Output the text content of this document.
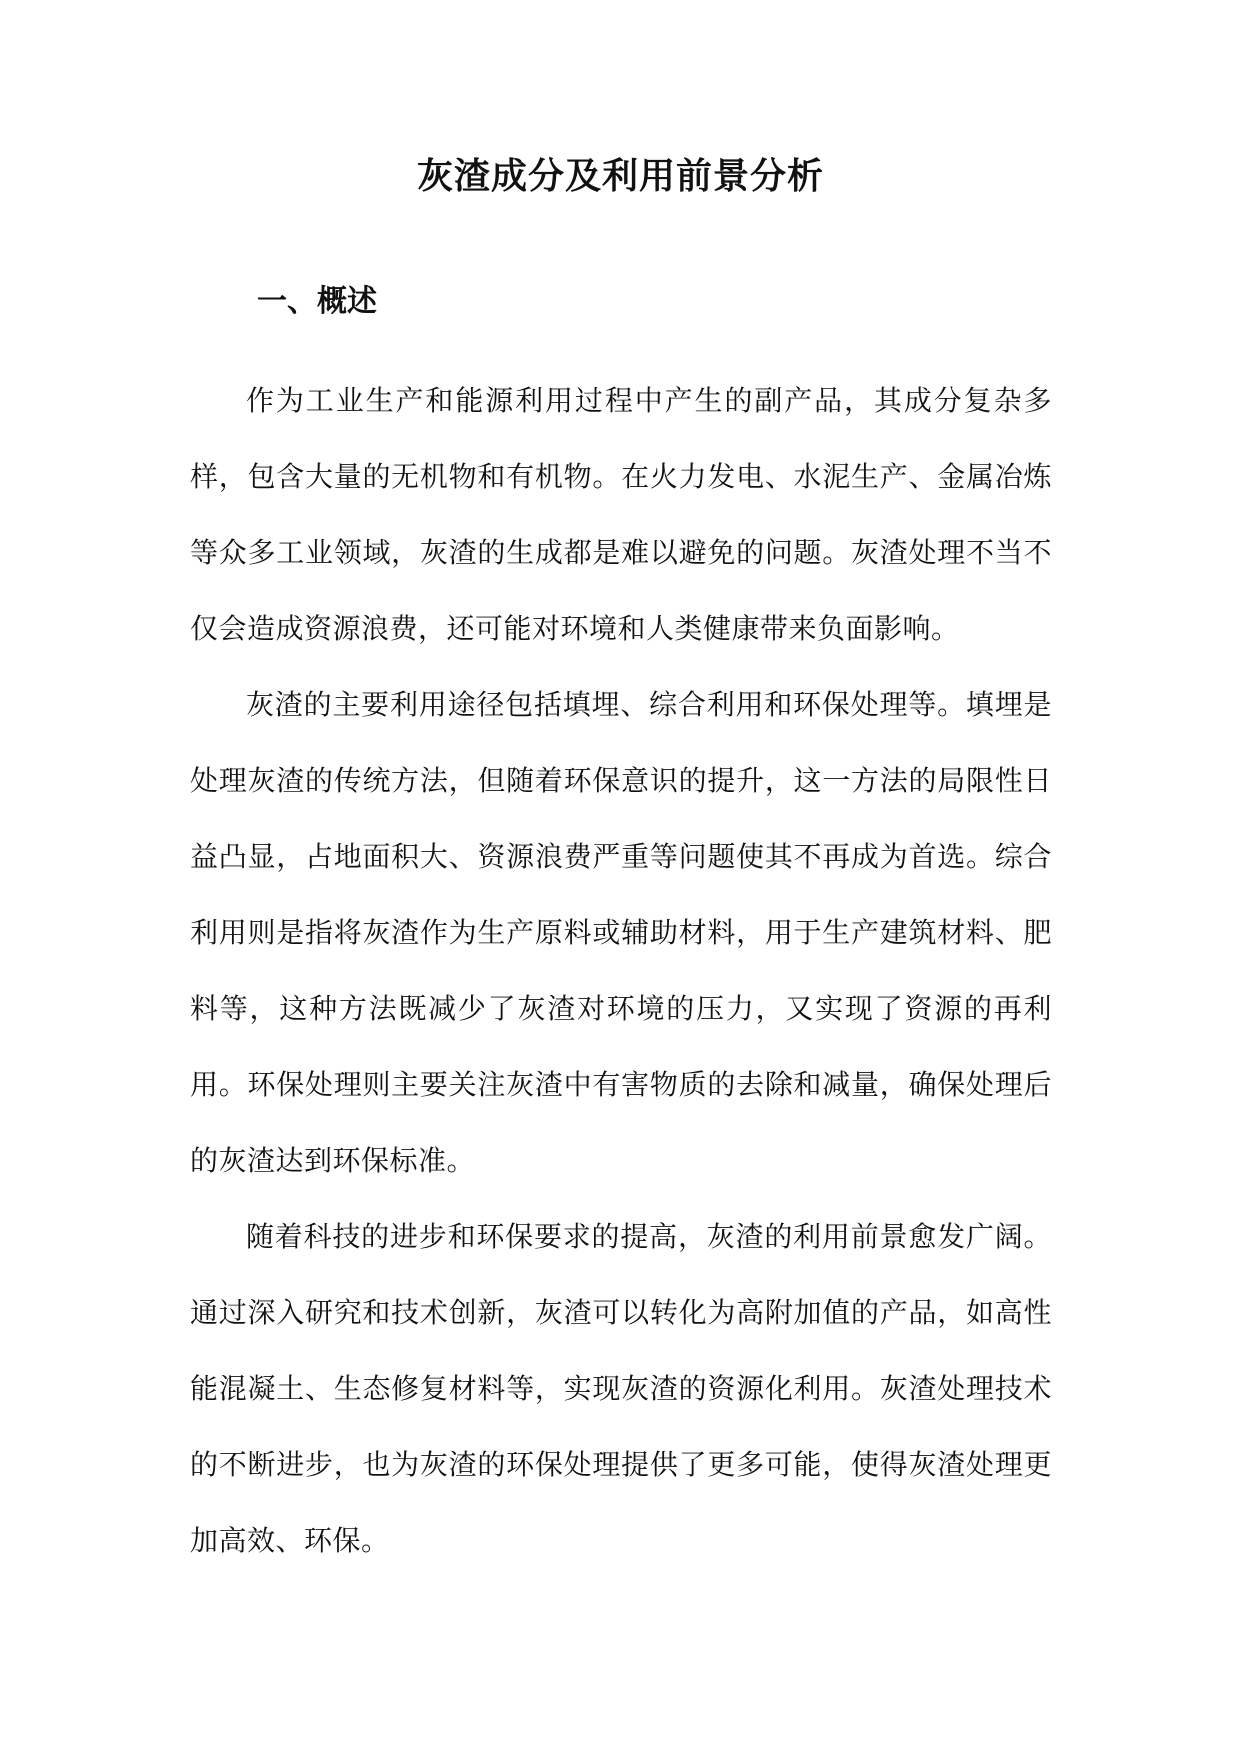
灰渣成分及利用前景分析
一、概述

作为工业生产和能源利用过程中产生的副产品，其成分复杂多样，包含大量的无机物和有机物。在火力发电、水泥生产、金属冶炼等众多工业领域，灰渣的生成都是难以避免的问题。灰渣处理不当不仅会造成资源浪费，还可能对环境和人类健康带来负面影响。

灰渣的主要利用途径包括填埋、综合利用和环保处理等。填埋是处理灰渣的传统方法，但随着环保意识的提升，这一方法的局限性日益凸显，占地面积大、资源浪费严重等问题使其不再成为首选。综合利用则是指将灰渣作为生产原料或辅助材料，用于生产建筑材料、肥料等，这种方法既减少了灰渣对环境的压力，又实现了资源的再利用。环保处理则主要关注灰渣中有害物质的去除和减量，确保处理后的灰渣达到环保标准。

随着科技的进步和环保要求的提高，灰渣的利用前景愈发广阔。通过深入研究和技术创新，灰渣可以转化为高附加值的产品，如高性能混凝土、生态修复材料等，实现灰渣的资源化利用。灰渣处理技术的不断进步，也为灰渣的环保处理提供了更多可能，使得灰渣处理更加高效、环保。
